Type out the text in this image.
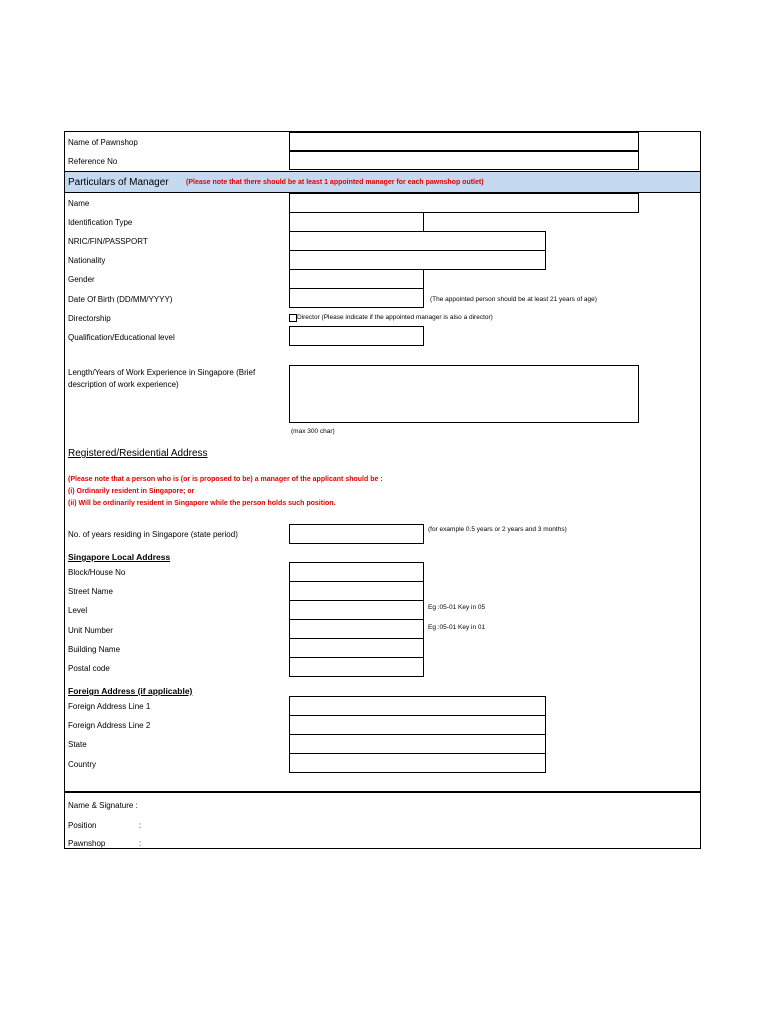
Name of Pawnshop
Reference No
Particulars of Manager (Please note that there should be at least 1 appointed manager for each pawnshop outlet)
Name
Identification Type
NRIC/FIN/PASSPORT
Nationality
Gender
Date Of Birth (DD/MM/YYYY)	(The appointed person should be at least 21 years of age)
Directorship	Director (Please indicate if the appointed manager is also a director)
Qualification/Educational level
Length/Years of Work Experience in Singapore (Brief
description of work experience)
(max 300 char)
Registered/Residential Address
(Please note that a person who is (or is proposed to be) a manager of the applicant should be :
(i) Ordinarily resident in Singapore; or
(ii) Will be ordinarily resident in Singapore while the person holds such position.
No. of years residing in Singapore (state period)
(for example 0.5 years or 2 years and 3 months)
Singapore Local Address
Block/House No
Street Name
Level	Eg :05-01 Key in 05
Unit Number	Eg :05-01 Key in 01
Building Name
Postal code
Foreign Address (if applicable)
Foreign Address Line 1
Foreign Address Line 2
State
Country
Name & Signature :
Position	:
Pawnshop	:
